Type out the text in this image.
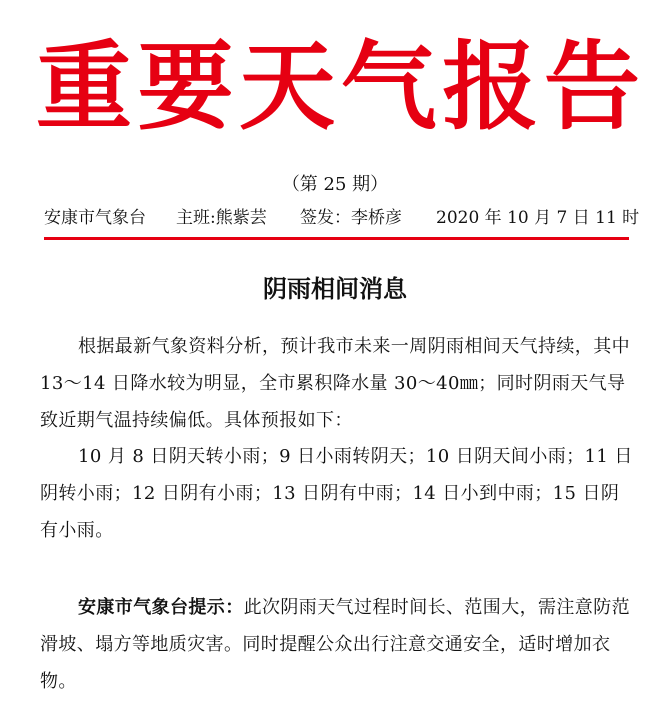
重 要 天 气 报 告
（第 25 期）
安康市气象台 主班:熊紫芸 签发：李桥彦 2020 年 10 月 7 日 11 时
阴雨相间消息

根据最新气象资料分析，预计我市未来一周阴雨相间天气持续，其中 13～14 日降水较为明显，全市累积降水量 30～40㎜；同时阴雨天气导致近期气温持续偏低。具体预报如下：

10 月 8 日阴天转小雨；9 日小雨转阴天；10 日阴天间小雨；11 日阴转小雨；12 日阴有小雨；13 日阴有中雨；14 日小到中雨；15 日阴有小雨。

安康市气象台提示：此次阴雨天气过程时间长、范围大，需注意防范滑坡、塌方等地质灾害。同时提醒公众出行注意交通安全，适时增加衣物。
